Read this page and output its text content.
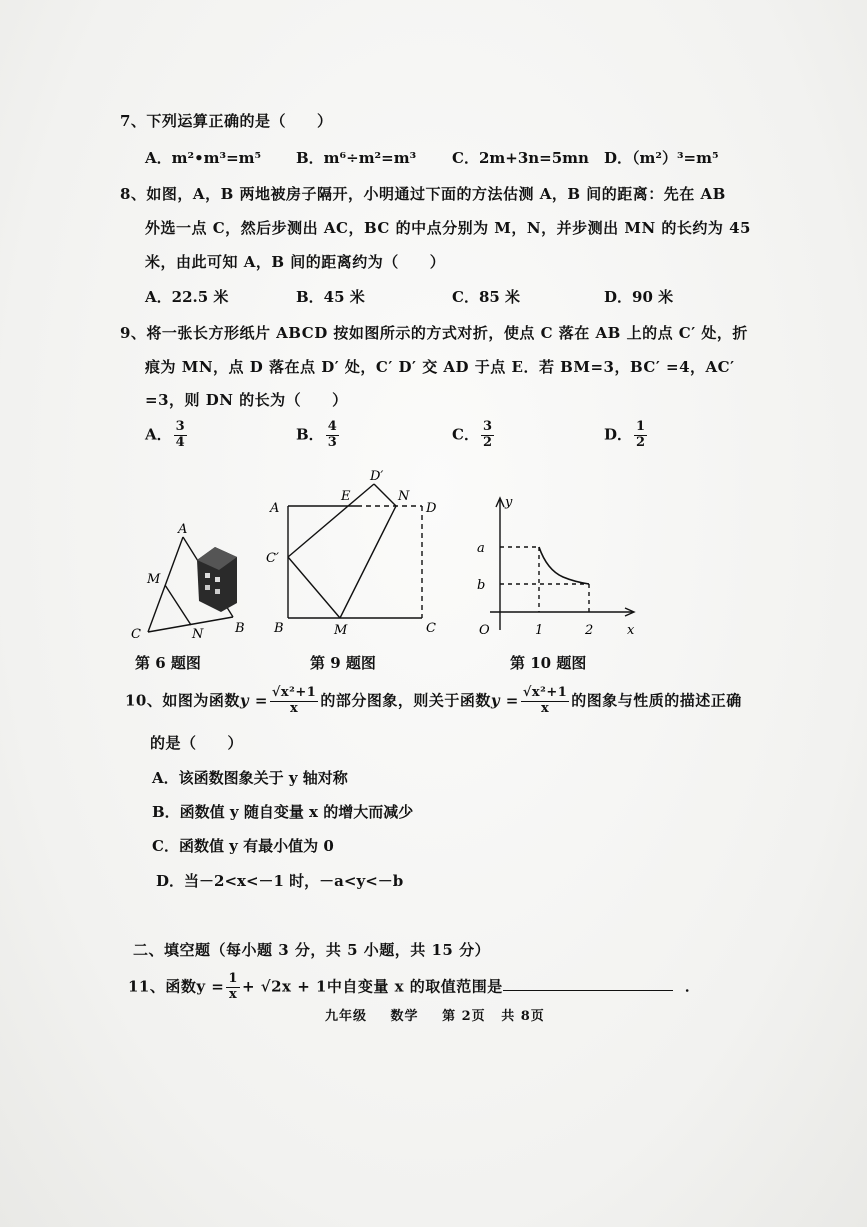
7、下列运算正确的是（　　）
A．m²•m³=m⁵ B．m⁶÷m²=m³ C．2m+3n=5mn D．（m²）³=m⁵
8、如图，A，B 两地被房子隔开，小明通过下面的方法估测 A，B 间的距离：先在 AB
外选一点 C，然后步测出 AC，BC 的中点分别为 M，N，并步测出 MN 的长约为 45
米，由此可知 A，B 间的距离约为（　　）
A．22.5 米	B．45 米	C．85 米	D．90 米
9、将一张长方形纸片 ABCD 按如图所示的方式对折，使点 C 落在 AB 上的点 C′ 处，折
痕为 MN，点 D 落在点 D′ 处，C′ D′ 交 AD 于点 E．若 BM=3，BC′ =4，AC′
=3，则 DN 的长为（　　）
A． $\frac{3}{4}$	B． $\frac{4}{3}$	C． $\frac{3}{2}$	D． $\frac{1}{2}$
A
M
C	N B
A
E
D′
N
D
C′
B	M	C
y
a
b
O	1	2	x
第 6 题图	第 9 题图	第 10 题图
10、如图为函数$y = \frac{\text{√x²+1}}{x}$ 的部分图象，则关于函数$y = \frac{\text{√x²+1}}{x}$ 的图象与性质的描述正确
的是（　　）
A．该函数图象关于 y 轴对称
B．函数值 y 随自变量 x 的增大而减少
C．函数值 y 有最小值为 0
D．当－2<x<－1 时，－a<y<－b
二、填空题（每小题 3 分，共 5 小题，共 15 分）
11、函数$y = \frac{1}{x} + √2x + 1$中自变量 x 的取值范围是	．
九年级 数学 第 2页 共 8页
